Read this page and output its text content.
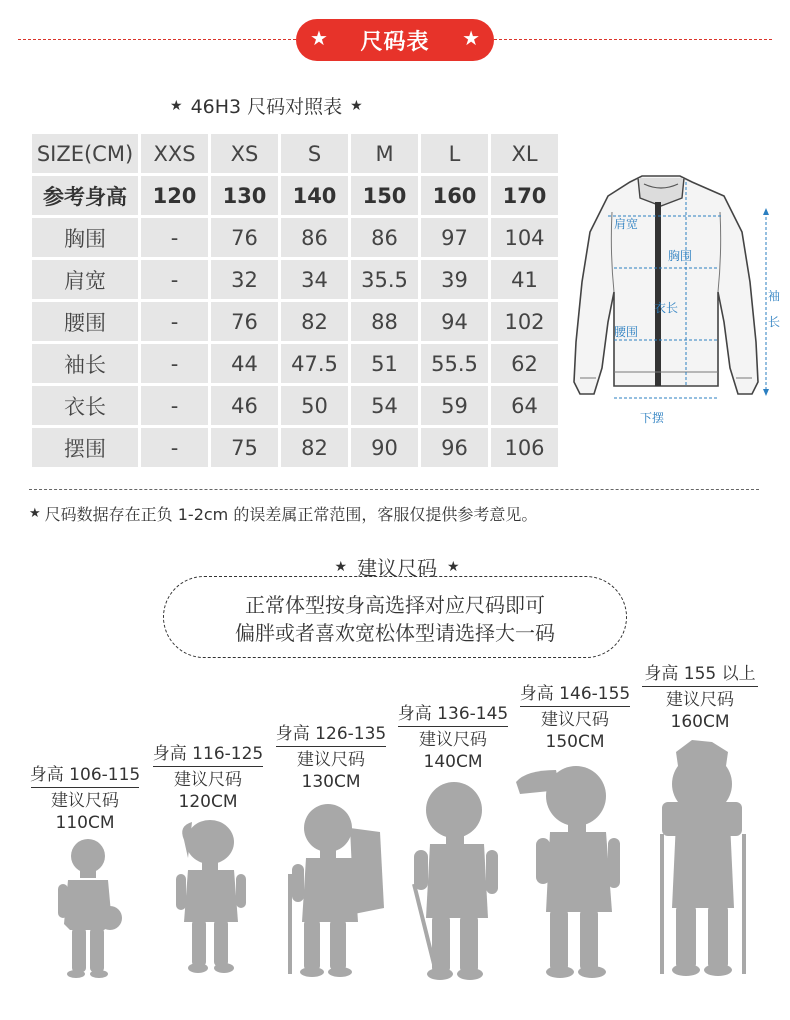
★ 尺码表 ★
★ 46H3 尺码对照表 ★
SIZE(CM)	XXS	XS	S	M	L	XL
参考身高	120	130	140	150	160	170
胸围	-	76	86	86	97	104
肩宽	-	32	34	35.5	39	41
腰围	-	76	82	88	94	102
袖长	-	44	47.5	51	55.5	62
衣长	-	46	50	54	59	64
摆围	-	75	82	90	96	106
肩宽
胸围
衣长
腰围
下摆
袖 长
★ 尺码数据存在正负 1-2cm 的误差属正常范围，客服仅提供参考意见。
★ 建议尺码 ★
正常体型按身高选择对应尺码即可
偏胖或者喜欢宽松体型请选择大一码
身高 106-115
建议尺码
110CM
身高 116-125
建议尺码
120CM
身高 126-135
建议尺码
130CM
身高 136-145
建议尺码
140CM
身高 146-155
建议尺码
150CM
身高 155 以上
建议尺码
160CM
